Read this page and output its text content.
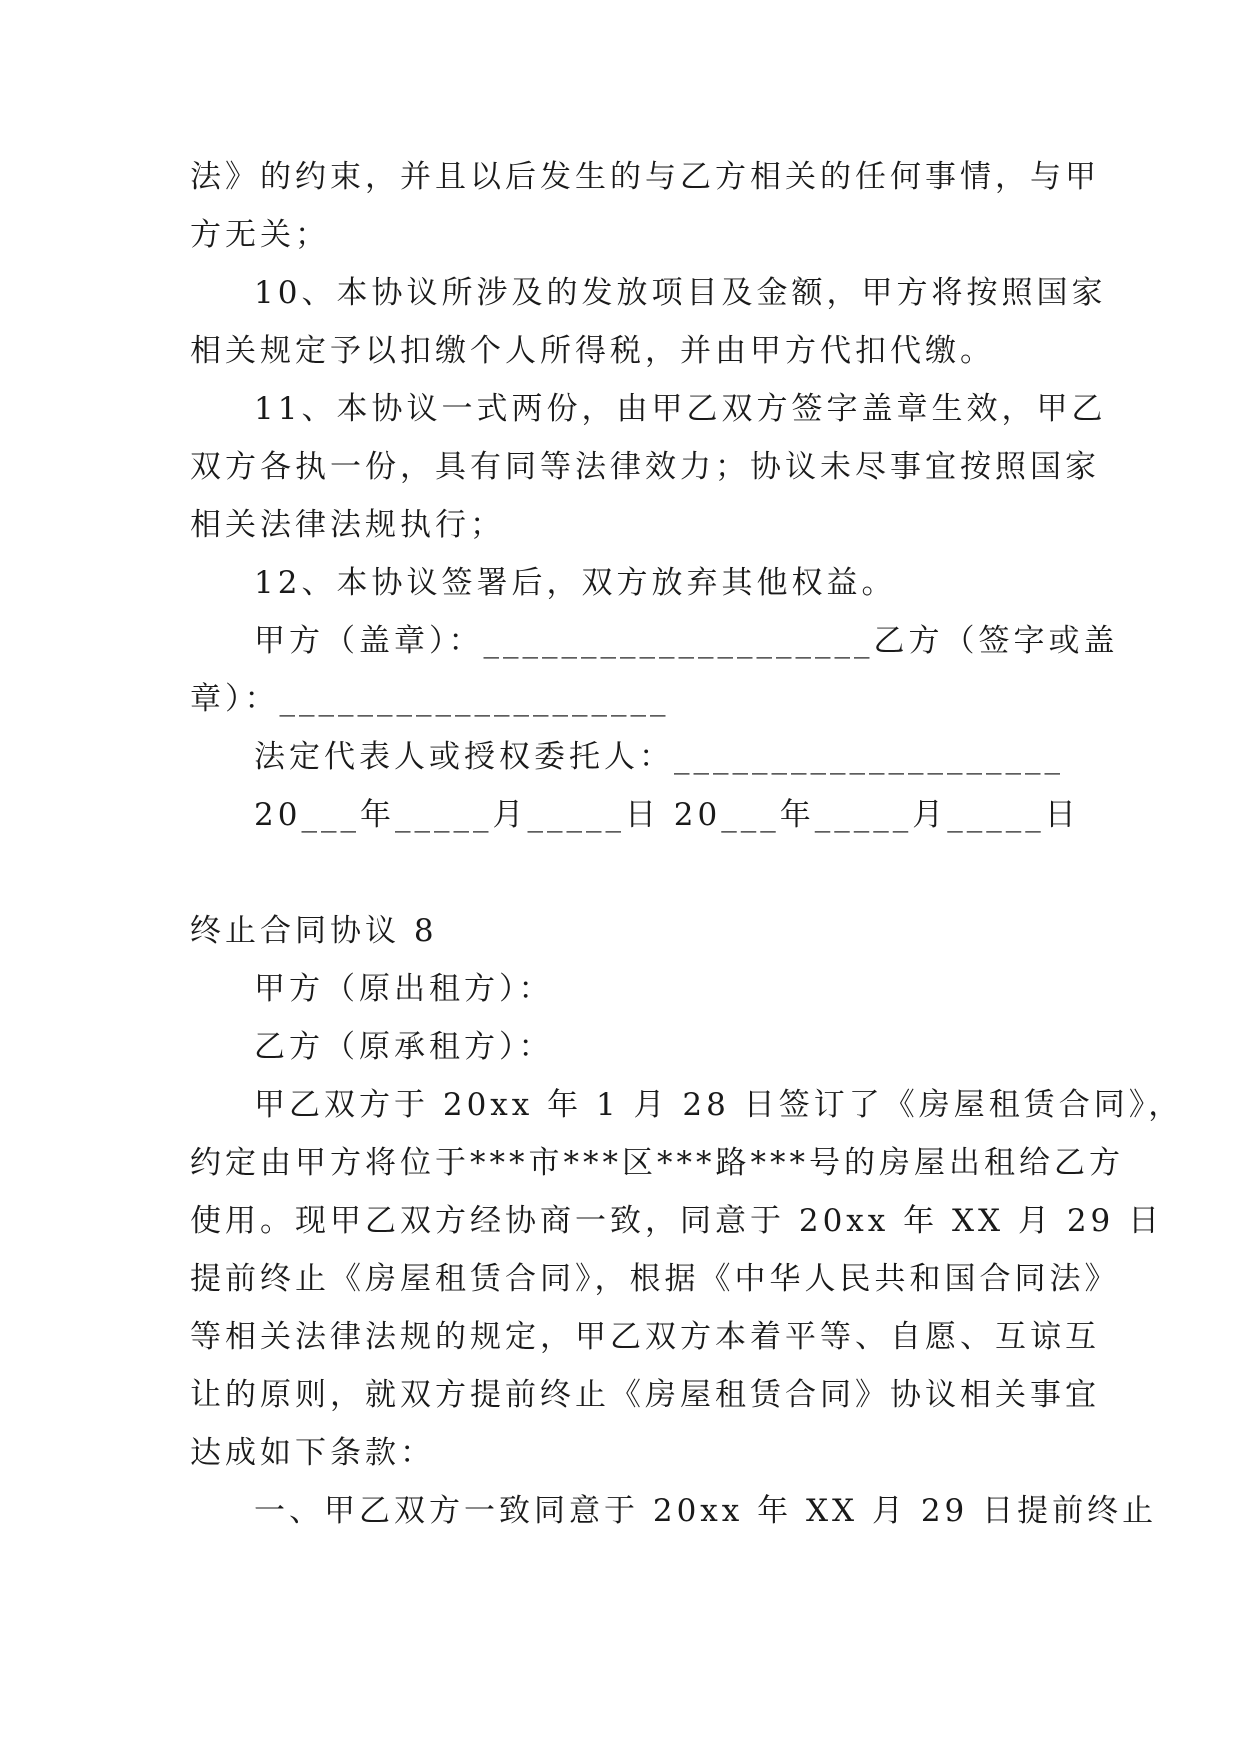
法》的约束，并且以后发生的与乙方相关的任何事情，与甲
方无关；
10、本协议所涉及的发放项目及金额，甲方将按照国家
相关规定予以扣缴个人所得税，并由甲方代扣代缴。
11、本协议一式两份，由甲乙双方签字盖章生效，甲乙
双方各执一份，具有同等法律效力；协议未尽事宜按照国家
相关法律法规执行；
12、本协议签署后，双方放弃其他权益。
甲方（盖章）：____________________乙方（签字或盖
章）：____________________
法定代表人或授权委托人：____________________
20___年_____月_____日 20___年_____月_____日
终止合同协议 8
甲方（原出租方）：
乙方（原承租方）：
甲乙双方于 20xx 年 1 月 28 日签订了《房屋租赁合同》，
约定由甲方将位于***市***区***路***号的房屋出租给乙方
使用。现甲乙双方经协商一致，同意于 20xx 年 XX 月 29 日
提前终止《房屋租赁合同》，根据《中华人民共和国合同法》
等相关法律法规的规定，甲乙双方本着平等、自愿、互谅互
让的原则，就双方提前终止《房屋租赁合同》协议相关事宜
达成如下条款：
一、甲乙双方一致同意于 20xx 年 XX 月 29 日提前终止
